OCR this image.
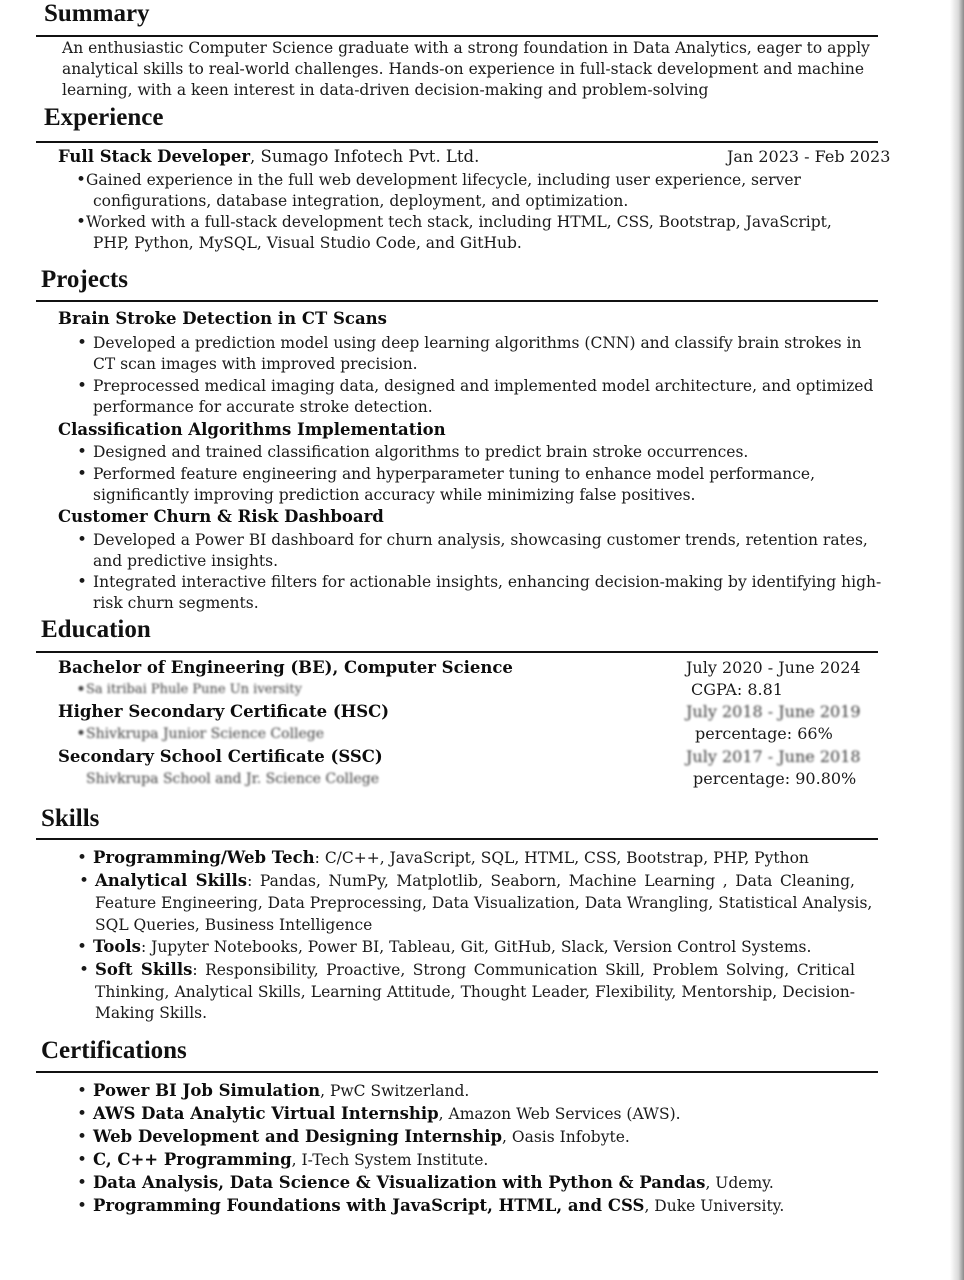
Summary
An enthusiastic Computer Science graduate with a strong foundation in Data Analytics, eager to apply
analytical skills to real-world challenges. Hands-on experience in full-stack development and machine
learning, with a keen interest in data-driven decision-making and problem-solving
Experience
Full Stack Developer, Sumago Infotech Pvt. Ltd.	Jan 2023 - Feb 2023
• Gained experience in the full web development lifecycle, including user experience, server
configurations, database integration, deployment, and optimization.
• Worked with a full-stack development tech stack, including HTML, CSS, Bootstrap, JavaScript,
PHP, Python, MySQL, Visual Studio Code, and GitHub.
Projects
Brain Stroke Detection in CT Scans
• Developed a prediction model using deep learning algorithms (CNN) and classify brain strokes in
CT scan images with improved precision.
• Preprocessed medical imaging data, designed and implemented model architecture, and optimized
performance for accurate stroke detection.
Classification Algorithms Implementation
• Designed and trained classification algorithms to predict brain stroke occurrences.
• Performed feature engineering and hyperparameter tuning to enhance model performance,
significantly improving prediction accuracy while minimizing false positives.
Customer Churn & Risk Dashboard
• Developed a Power BI dashboard for churn analysis, showcasing customer trends, retention rates,
and predictive insights.
• Integrated interactive filters for actionable insights, enhancing decision-making by identifying high-
risk churn segments.
Education
Bachelor of Engineering (BE), Computer Science	July 2020 - June 2024
• Sa itribai Phule Pune Un iversity	CGPA: 8.81
Higher Secondary Certificate (HSC)	July 2018 - June 2019
• Shivkrupa Junior Science College	percentage: 66%
Secondary School Certificate (SSC)	July 2017 - June 2018
Shivkrupa School and Jr. Science College	percentage: 90.80%
Skills
• Programming/Web Tech: C/C++, JavaScript, SQL, HTML, CSS, Bootstrap, PHP, Python
• Analytical Skills: Pandas, NumPy, Matplotlib, Seaborn, Machine Learning , Data Cleaning,
Feature Engineering, Data Preprocessing, Data Visualization, Data Wrangling, Statistical Analysis,
SQL Queries, Business Intelligence
• Tools: Jupyter Notebooks, Power BI, Tableau, Git, GitHub, Slack, Version Control Systems.
• Soft Skills: Responsibility, Proactive, Strong Communication Skill, Problem Solving, Critical
Thinking, Analytical Skills, Learning Attitude, Thought Leader, Flexibility, Mentorship, Decision-
Making Skills.
Certifications
• Power BI Job Simulation, PwC Switzerland.
• AWS Data Analytic Virtual Internship, Amazon Web Services (AWS).
• Web Development and Designing Internship, Oasis Infobyte.
• C, C++ Programming, I-Tech System Institute.
• Data Analysis, Data Science & Visualization with Python & Pandas, Udemy.
• Programming Foundations with JavaScript, HTML, and CSS, Duke University.
